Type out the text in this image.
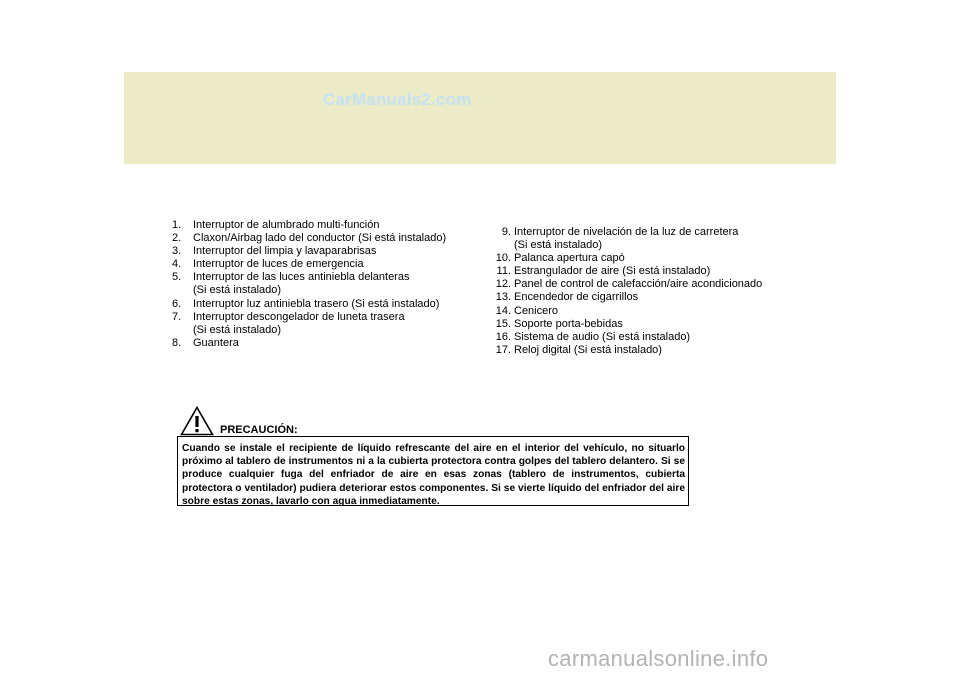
CarManuals2.com
1.	Interruptor de alumbrado multi-función
2.	Claxon/Airbag lado del conductor (Si está instalado)
3.	Interruptor del limpia y lavaparabrisas
4.	Interruptor de luces de emergencia
5.	Interruptor de las luces antiniebla delanteras
(Si está instalado)
6.	Interruptor luz antiniebla trasero (Si está instalado)
7.	Interruptor descongelador de luneta trasera
(Si está instalado)
8.	Guantera
9. Interruptor de nivelación de la luz de carretera
(Si está instalado)
10. Palanca apertura capó
11. Estrangulador de aire (Si está instalado)
12. Panel de control de calefacción/aire acondicionado
13. Encendedor de cigarrillos
14. Cenicero
15. Soporte porta-bebidas
16. Sistema de audio (Si está instalado)
17. Reloj digital (Si está instalado)
PRECAUCIÓN:

Cuando se instale el recipiente de líquido refrescante del aire en el interior del vehículo, no situarlo próximo al tablero de instrumentos ni a la cubierta protectora contra golpes del tablero delantero. Si se produce cualquier fuga del enfriador de aire en esas zonas (tablero de instrumentos, cubierta protectora o ventilador) pudiera deteriorar estos componentes. Si se vierte líquido del enfriador del aire sobre estas zonas, lavarlo con agua inmediatamente.

carmanualsonline.info
